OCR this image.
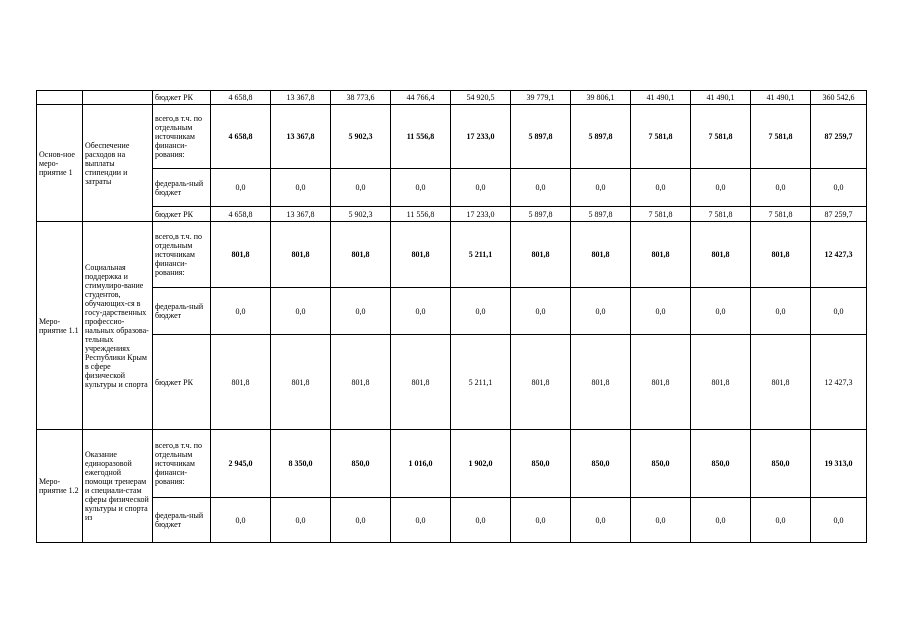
		бюджет РК	4 658,8	13 367,8	38 773,6	44 766,4	54 920,5	39 779,1	39 806,1	41 490,1	41 490,1	41 490,1	360 542,6
Основ-ное меро-приятие 1	Обеспечение расходов на выплаты стипендии и затраты	всего,в т.ч. по отдельным источникам финанси-рования:	4 658,8	13 367,8	5 902,3	11 556,8	17 233,0	5 897,8	5 897,8	7 581,8	7 581,8	7 581,8	87 259,7
		федераль-ный бюджет	0,0	0,0	0,0	0,0	0,0	0,0	0,0	0,0	0,0	0,0	0,0
		бюджет РК	4 658,8	13 367,8	5 902,3	11 556,8	17 233,0	5 897,8	5 897,8	7 581,8	7 581,8	7 581,8	87 259,7
Меро-приятие 1.1	Социальная поддержка и стимулиро-вание студентов, обучающих-ся в госу-дарственных профессио-нальных образова-тельных учреждениях Республики Крым в сфере физической культуры и спорта	всего,в т.ч. по отдельным источникам финанси-рования:	801,8	801,8	801,8	801,8	5 211,1	801,8	801,8	801,8	801,8	801,8	12 427,3
		федераль-ный бюджет	0,0	0,0	0,0	0,0	0,0	0,0	0,0	0,0	0,0	0,0	0,0
		бюджет РК	801,8	801,8	801,8	801,8	5 211,1	801,8	801,8	801,8	801,8	801,8	12 427,3
Меро-приятие 1.2	Оказание единоразовой ежегодной помощи тренерам и специали-стам сферы физической культуры и спорта из	всего,в т.ч. по отдельным источникам финанси-рования:	2 945,0	8 350,0	850,0	1 016,0	1 902,0	850,0	850,0	850,0	850,0	850,0	19 313,0
		федераль-ный бюджет	0,0	0,0	0,0	0,0	0,0	0,0	0,0	0,0	0,0	0,0	0,0
